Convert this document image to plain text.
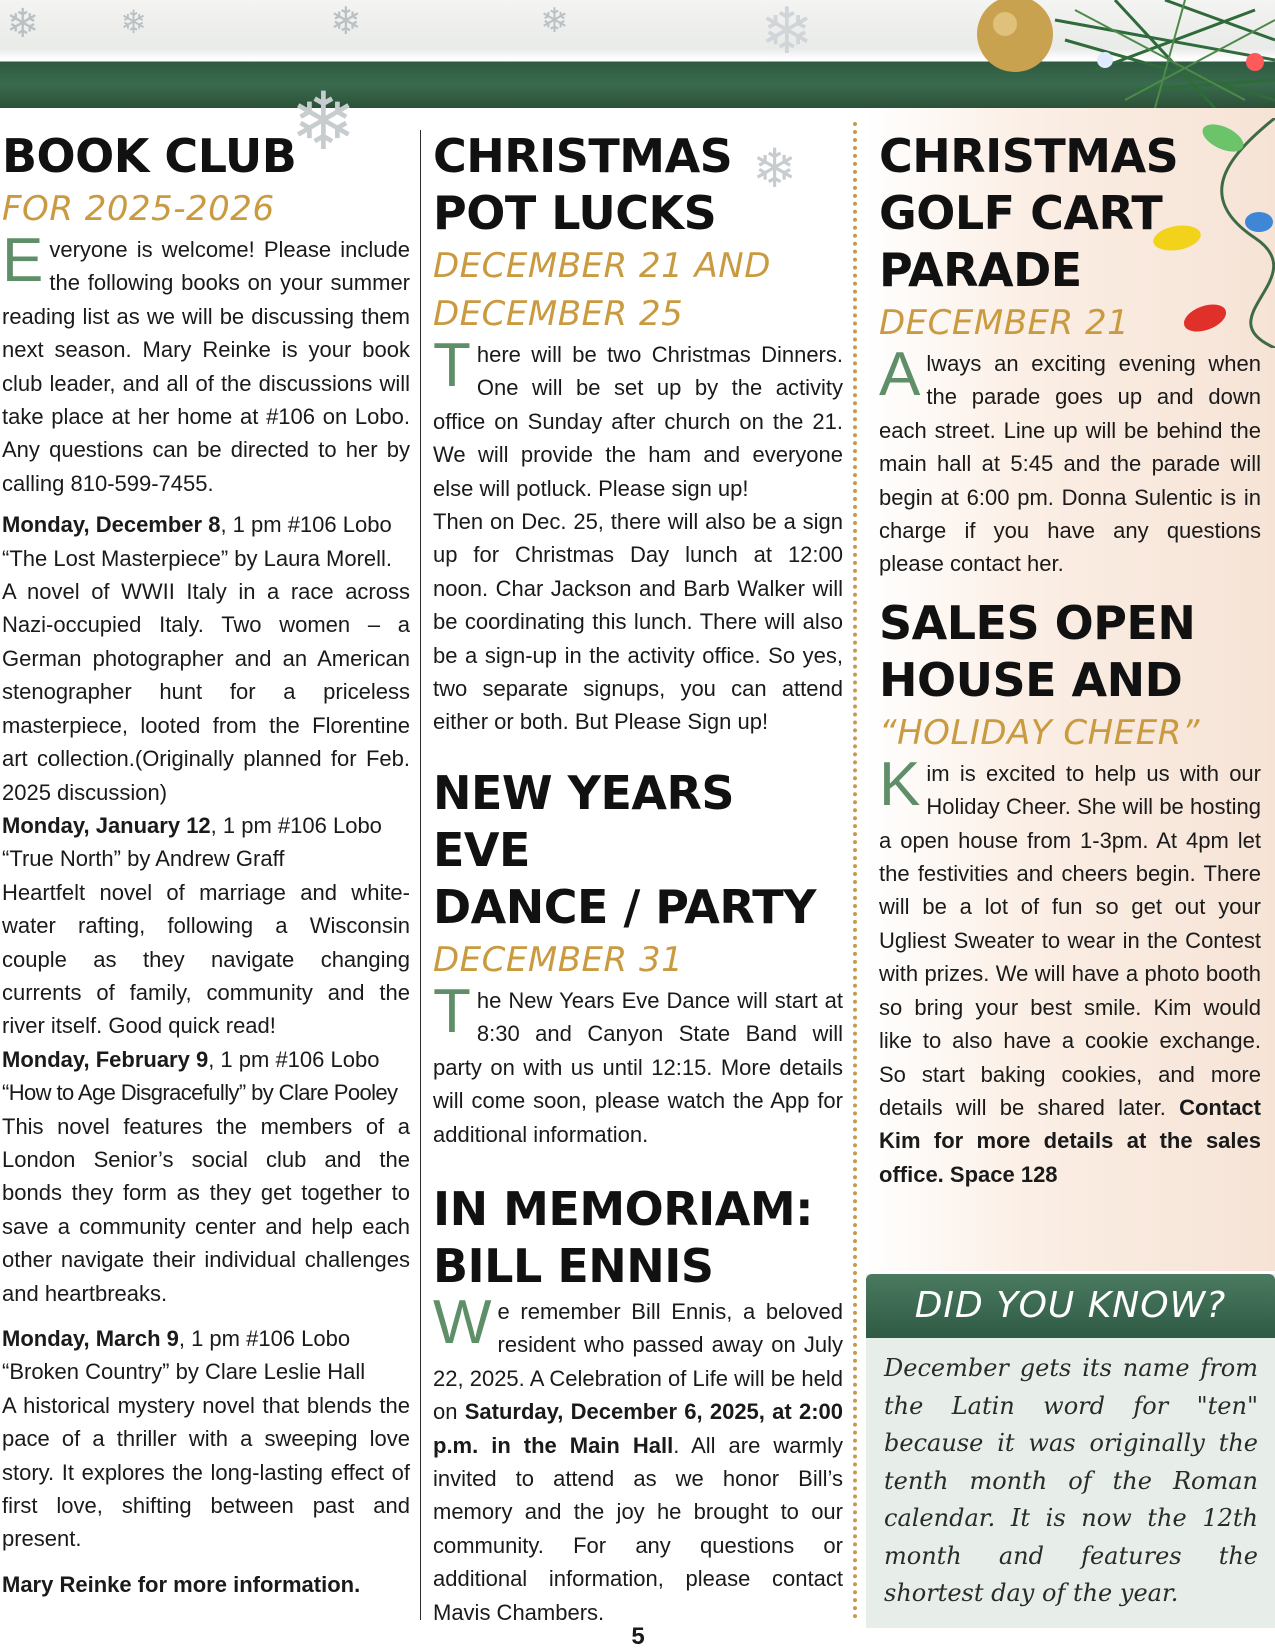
❄	❄	❄	❄	❄
❄
❄
BOOK CLUB
FOR 2025-2026

Everyone is welcome! Please include the following books on your summer reading list as we will be discussing them next season. Mary Reinke is your book club leader, and all of the discussions will take place at her home at #106 on Lobo. Any questions can be directed to her by calling 810-599-7455.

Monday, December 8, 1 pm #106 Lobo
“The Lost Masterpiece” by Laura Morell.

A novel of WWII Italy in a race across Nazi-occupied Italy. Two women – a German photographer and an American stenographer hunt for a priceless masterpiece, looted from the Florentine art collection.(Originally planned for Feb. 2025 discussion)

Monday, January 12, 1 pm #106 Lobo
“True North” by Andrew Graff

Heartfelt novel of marriage and white-water rafting, following a Wisconsin couple as they navigate changing currents of family, community and the river itself. Good quick read!

Monday, February 9, 1 pm #106 Lobo
“How to Age Disgracefully” by Clare Pooley

This novel features the members of a London Senior’s social club and the bonds they form as they get together to save a community center and help each other navigate their individual challenges and heartbreaks.

Monday, March 9, 1 pm #106 Lobo
“Broken Country” by Clare Leslie Hall

A historical mystery novel that blends the pace of a thriller with a sweeping love story. It explores the long-lasting effect of first love, shifting between past and present.

Mary Reinke for more information.

CHRISTMAS
POT LUCKS
DECEMBER 21 AND
DECEMBER 25

There will be two Christmas Dinners. One will be set up by the activity office on Sunday after church on the 21. We will provide the ham and everyone else will potluck. Please sign up!

Then on Dec. 25, there will also be a sign up for Christmas Day lunch at 12:00 noon. Char Jackson and Barb Walker will be coordinating this lunch. There will also be a sign-up in the activity office. So yes, two separate signups, you can attend either or both. But Please Sign up!

NEW YEARS EVE
DANCE / PARTY
DECEMBER 31

The New Years Eve Dance will start at 8:30 and Canyon State Band will party on with us until 12:15. More details will come soon, please watch the App for additional information.

IN MEMORIAM:
BILL ENNIS

We remember Bill Ennis, a beloved resident who passed away on July 22, 2025. A Celebration of Life will be held on Saturday, December 6, 2025, at 2:00 p.m. in the Main Hall. All are warmly invited to attend as we honor Bill’s memory and the joy he brought to our community. For any questions or additional information, please contact Mavis Chambers.

CHRISTMAS
GOLF CART
PARADE
DECEMBER 21

Always an exciting evening when the parade goes up and down each street. Line up will be behind the main hall at 5:45 and the parade will begin at 6:00 pm. Donna Sulentic is in charge if you have any questions please contact her.

SALES OPEN
HOUSE AND
“HOLIDAY CHEER”

Kim is excited to help us with our Holiday Cheer. She will be hosting a open house from 1-3pm. At 4pm let the festivities and cheers begin. There will be a lot of fun so get out your Ugliest Sweater to wear in the Contest with prizes. We will have a photo booth so bring your best smile. Kim would like to also have a cookie exchange. So start baking cookies, and more details will be shared later. Contact Kim for more details at the sales office. Space 128

DID YOU KNOW?
December gets its name from the Latin word for "ten" because it was originally the tenth month of the Roman calendar. It is now the 12th month and features the shortest day of the year.
5
